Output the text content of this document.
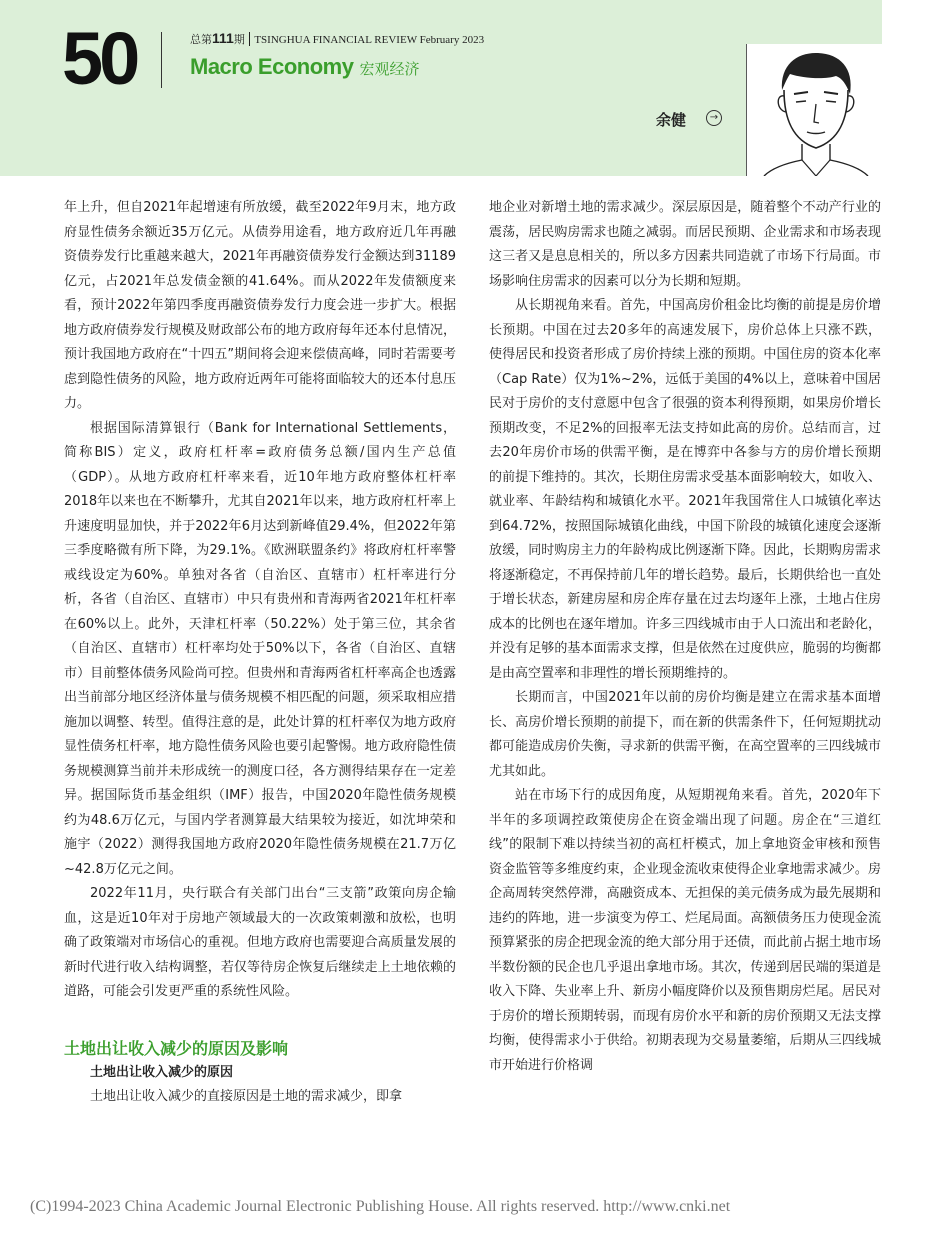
50	总第111期 TSINGHUA FINANCIAL REVIEW February 2023
Macro Economy 宏观经济
余健	→

年上升，但自2021年起增速有所放缓，截至2022年9月末，地方政府显性债务余额近35万亿元。从债券用途看，地方政府近几年再融资债券发行比重越来越大，2021年再融资债券发行金额达到31189亿元，占2021年总发债金额的41.64%。而从2022年发债额度来看，预计2022年第四季度再融资债券发行力度会进一步扩大。根据地方政府债券发行规模及财政部公布的地方政府每年还本付息情况，预计我国地方政府在“十四五”期间将会迎来偿债高峰，同时若需要考虑到隐性债务的风险，地方政府近两年可能将面临较大的还本付息压力。

根据国际清算银行（Bank for International Settlements，简称BIS）定义，政府杠杆率=政府债务总额/国内生产总值（GDP）。从地方政府杠杆率来看，近10年地方政府整体杠杆率2018年以来也在不断攀升，尤其自2021年以来，地方政府杠杆率上升速度明显加快，并于2022年6月达到新峰值29.4%，但2022年第三季度略微有所下降，为29.1%。《欧洲联盟条约》将政府杠杆率警戒线设定为60%。单独对各省（自治区、直辖市）杠杆率进行分析，各省（自治区、直辖市）中只有贵州和青海两省2021年杠杆率在60%以上。此外，天津杠杆率（50.22%）处于第三位，其余省（自治区、直辖市）杠杆率均处于50%以下，各省（自治区、直辖市）目前整体债务风险尚可控。但贵州和青海两省杠杆率高企也透露出当前部分地区经济体量与债务规模不相匹配的问题，须采取相应措施加以调整、转型。值得注意的是，此处计算的杠杆率仅为地方政府显性债务杠杆率，地方隐性债务风险也要引起警惕。地方政府隐性债务规模测算当前并未形成统一的测度口径，各方测得结果存在一定差异。据国际货币基金组织（IMF）报告，中国2020年隐性债务规模约为48.6万亿元，与国内学者测算最大结果较为接近，如沈坤荣和施宇（2022）测得我国地方政府2020年隐性债务规模在21.7万亿~42.8万亿元之间。

2022年11月，央行联合有关部门出台“三支箭”政策向房企输血，这是近10年对于房地产领域最大的一次政策刺激和放松，也明确了政策端对市场信心的重视。但地方政府也需要迎合高质量发展的新时代进行收入结构调整，若仅等待房企恢复后继续走上土地依赖的道路，可能会引发更严重的系统性风险。

土地出让收入减少的原因及影响
土地出让收入减少的原因

土地出让收入减少的直接原因是土地的需求减少，即拿

地企业对新增土地的需求减少。深层原因是，随着整个不动产行业的震荡，居民购房需求也随之减弱。而居民预期、企业需求和市场表现这三者又是息息相关的，所以多方因素共同造就了市场下行局面。市场影响住房需求的因素可以分为长期和短期。

从长期视角来看。首先，中国高房价租金比均衡的前提是房价增长预期。中国在过去20多年的高速发展下，房价总体上只涨不跌，使得居民和投资者形成了房价持续上涨的预期。中国住房的资本化率（Cap Rate）仅为1%~2%，远低于美国的4%以上，意味着中国居民对于房价的支付意愿中包含了很强的资本利得预期，如果房价增长预期改变，不足2%的回报率无法支持如此高的房价。总结而言，过去20年房价市场的供需平衡，是在博弈中各参与方的房价增长预期的前提下维持的。其次，长期住房需求受基本面影响较大，如收入、就业率、年龄结构和城镇化水平。2021年我国常住人口城镇化率达到64.72%，按照国际城镇化曲线，中国下阶段的城镇化速度会逐渐放缓，同时购房主力的年龄构成比例逐渐下降。因此，长期购房需求将逐渐稳定，不再保持前几年的增长趋势。最后，长期供给也一直处于增长状态，新建房屋和房企库存量在过去均逐年上涨，土地占住房成本的比例也在逐年增加。许多三四线城市由于人口流出和老龄化，并没有足够的基本面需求支撑，但是依然在过度供应，脆弱的均衡都是由高空置率和非理性的增长预期维持的。

长期而言，中国2021年以前的房价均衡是建立在需求基本面增长、高房价增长预期的前提下，而在新的供需条件下，任何短期扰动都可能造成房价失衡，寻求新的供需平衡，在高空置率的三四线城市尤其如此。

站在市场下行的成因角度，从短期视角来看。首先，2020年下半年的多项调控政策使房企在资金端出现了问题。房企在“三道红线”的限制下难以持续当初的高杠杆模式，加上拿地资金审核和预售资金监管等多维度约束，企业现金流收束使得企业拿地需求减少。房企高周转突然停滞，高融资成本、无担保的美元债务成为最先展期和违约的阵地，进一步演变为停工、烂尾局面。高额债务压力使现金流预算紧张的房企把现金流的绝大部分用于还债，而此前占据土地市场半数份额的民企也几乎退出拿地市场。其次，传递到居民端的渠道是收入下降、失业率上升、新房小幅度降价以及预售期房烂尾。居民对于房价的增长预期转弱，而现有房价水平和新的房价预期又无法支撑均衡，使得需求小于供给。初期表现为交易量萎缩，后期从三四线城市开始进行价格调

(C)1994-2023 China Academic Journal Electronic Publishing House. All rights reserved. http://www.cnki.net
